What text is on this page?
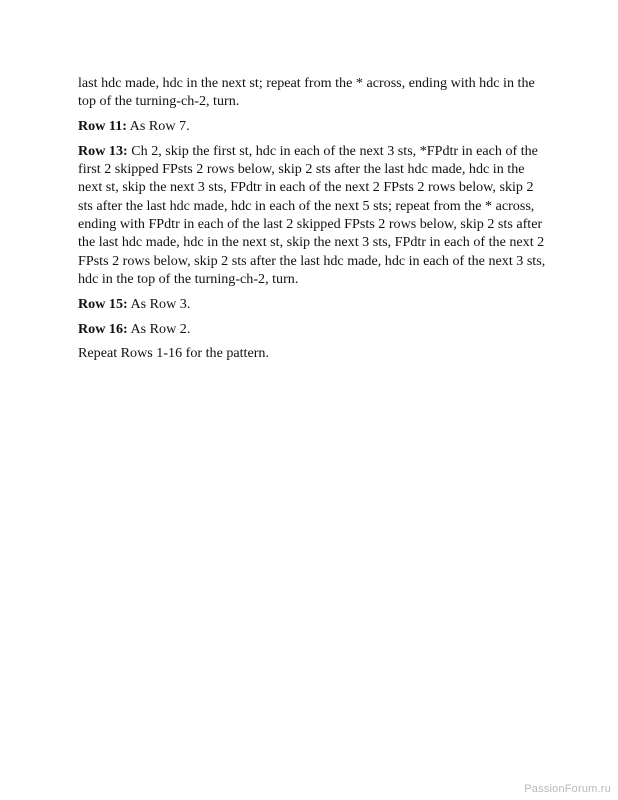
last hdc made, hdc in the next st; repeat from the * across, ending with hdc in the top of the turning-ch-2, turn.

Row 11: As Row 7.

Row 13: Ch 2, skip the first st, hdc in each of the next 3 sts, *FPdtr in each of the first 2 skipped FPsts 2 rows below, skip 2 sts after the last hdc made, hdc in the next st, skip the next 3 sts, FPdtr in each of the next 2 FPsts 2 rows below, skip 2 sts after the last hdc made, hdc in each of the next 5 sts; repeat from the * across, ending with FPdtr in each of the last 2 skipped FPsts 2 rows below, skip 2 sts after the last hdc made, hdc in the next st, skip the next 3 sts, FPdtr in each of the next 2 FPsts 2 rows below, skip 2 sts after the last hdc made, hdc in each of the next 3 sts, hdc in the top of the turning-ch-2, turn.

Row 15: As Row 3.

Row 16: As Row 2.

Repeat Rows 1-16 for the pattern.

PassionForum.ru
